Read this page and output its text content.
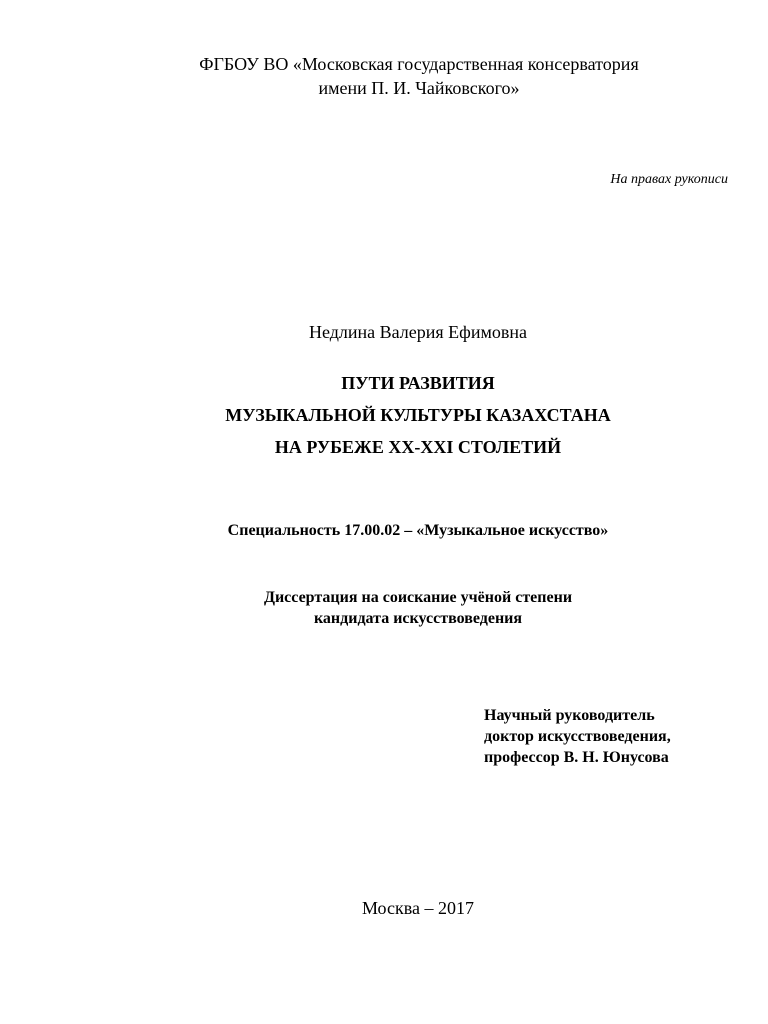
ФГБОУ ВО «Московская государственная консерватория
имени П. И. Чайковского»
На правах рукописи
Недлина Валерия Ефимовна
ПУТИ РАЗВИТИЯ
МУЗЫКАЛЬНОЙ КУЛЬТУРЫ КАЗАХСТАНА
НА РУБЕЖЕ XX-XXI СТОЛЕТИЙ
Специальность 17.00.02 – «Музыкальное искусство»
Диссертация на соискание учёной степени
кандидата искусствоведения
Научный руководитель
доктор искусствоведения,
профессор В. Н. Юнусова
Москва – 2017
